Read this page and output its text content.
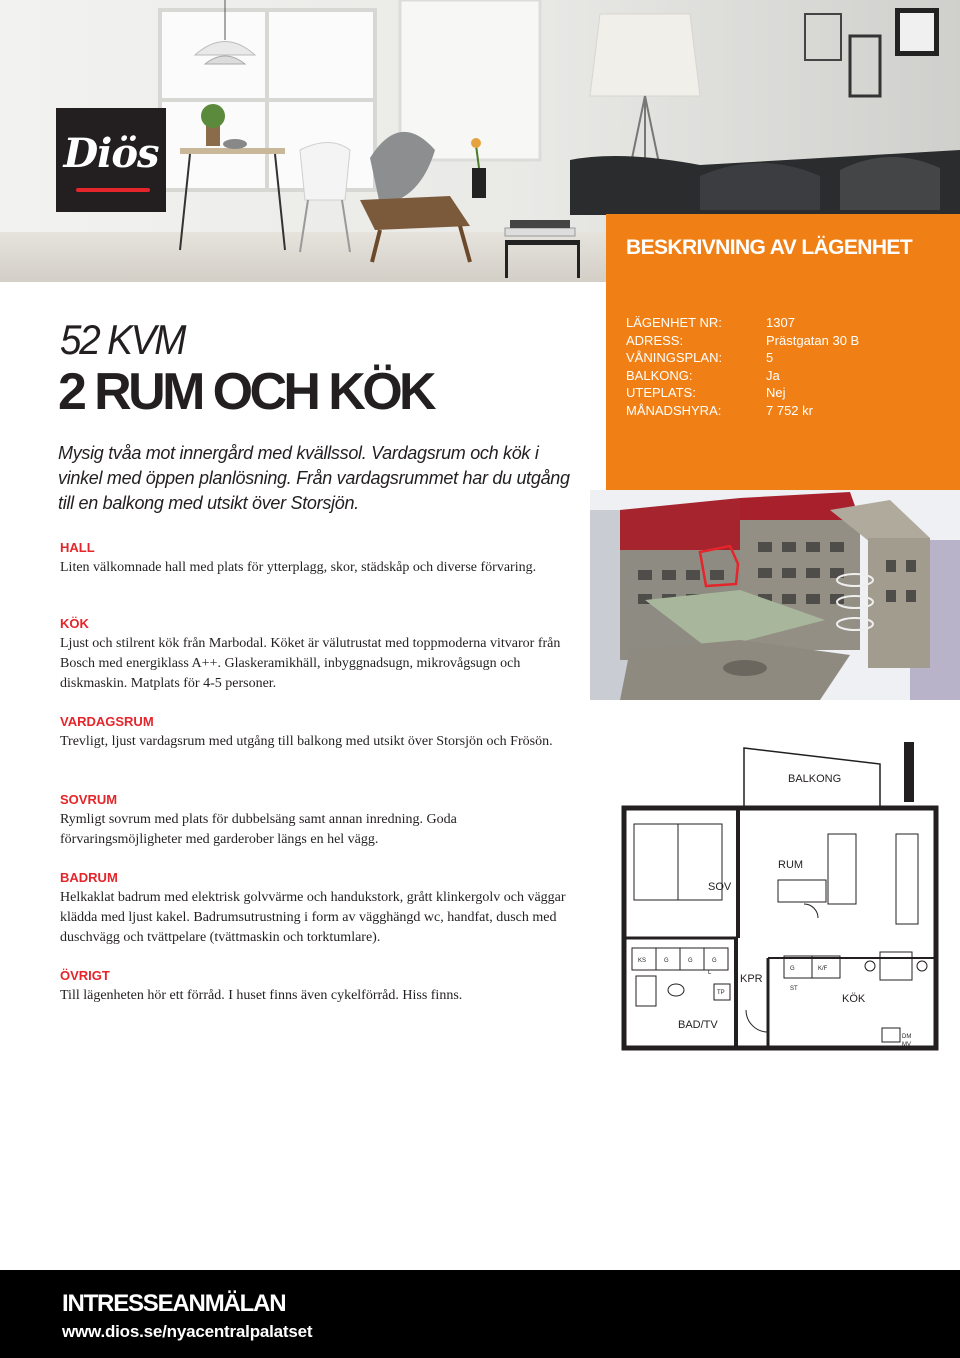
Diös
BESKRIVNING AV LÄGENHET
LÄGENHET NR:	1307
ADRESS:	Prästgatan 30 B
VÅNINGSPLAN:	5
BALKONG:	Ja
UTEPLATS:	Nej
MÅNADSHYRA:	7 752 kr
52 KVM
2 RUM OCH KÖK
Mysig tvåa mot innergård med kvällssol. Vardagsrum och kök i vinkel med öppen planlösning. Från vardagsrummet har du utgång till en balkong med utsikt över Storsjön.
HALL
Liten välkomnade hall med plats för ytterplagg, skor, städskåp och diverse förvaring.
KÖK
Ljust och stilrent kök från Marbodal. Köket är välutrustat med toppmoderna vitvaror från Bosch med energiklass A++. Glaskeramikhäll, inbyggnadsugn, mikrovågsugn och diskmaskin. Matplats för 4-5 personer.
VARDAGSRUM
Trevligt, ljust vardagsrum med utgång till balkong med utsikt över Storsjön och Frösön.
SOVRUM
Rymligt sovrum med plats för dubbelsäng samt annan inredning. Goda förvaringsmöjligheter med garderober längs en hel vägg.
BADRUM
Helkaklat badrum med elektrisk golvvärme och handukstork, grått klinkergolv och väggar klädda med ljust kakel. Badrumsutrustning i form av vägghängd wc, handfat, dusch med duschvägg och tvättpelare (tvättmaskin och torktumlare).
ÖVRIGT
Till lägenheten hör ett förråd. I huset finns även cykelförråd. Hiss finns.
BALKONG
KS	G	G	G
G	K/F
ST
L
TP
DM
MV
RUM
SOV
KPR
KÖK
BAD/TV
INTRESSEANMÄLAN
www.dios.se/nyacentralpalatset
